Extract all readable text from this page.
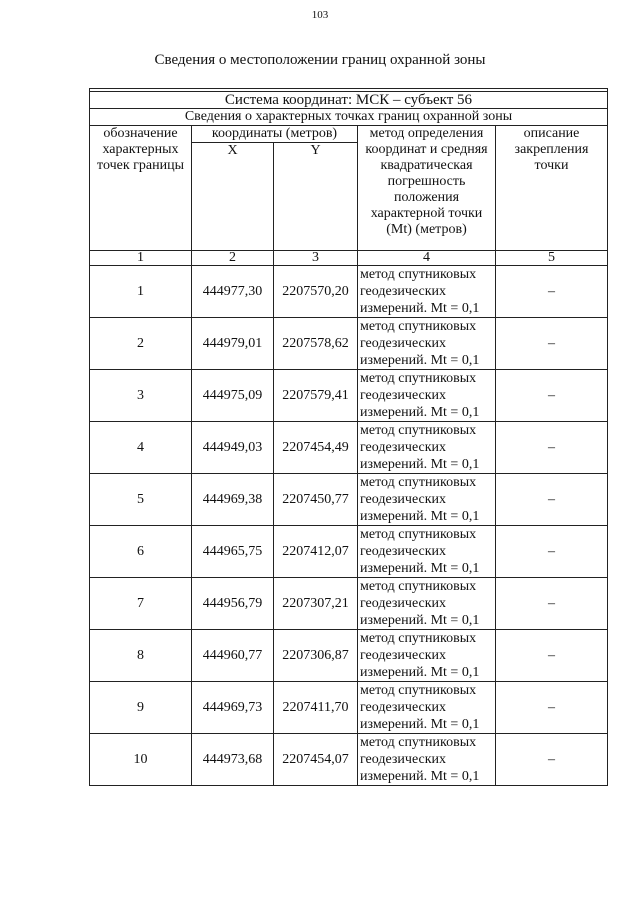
103
Сведения о местоположении границ охранной зоны

Система координат: МСК – субъект 56				
Сведения о характерных точках границ охранной зоны				
обозначение характерных точек границы	координаты (метров)		метод определения координат и средняя квадратическая погрешность положения характерной точки (Mt) (метров)	описание закрепления точки
	X	Y		
1	2	3	4	5
1	444977,30	2207570,20	метод спутниковых геодезических измерений. Mt = 0,1	–
2	444979,01	2207578,62	метод спутниковых геодезических измерений. Mt = 0,1	–
3	444975,09	2207579,41	метод спутниковых геодезических измерений. Mt = 0,1	–
4	444949,03	2207454,49	метод спутниковых геодезических измерений. Mt = 0,1	–
5	444969,38	2207450,77	метод спутниковых геодезических измерений. Mt = 0,1	–
6	444965,75	2207412,07	метод спутниковых геодезических измерений. Mt = 0,1	–
7	444956,79	2207307,21	метод спутниковых геодезических измерений. Mt = 0,1	–
8	444960,77	2207306,87	метод спутниковых геодезических измерений. Mt = 0,1	–
9	444969,73	2207411,70	метод спутниковых геодезических измерений. Mt = 0,1	–
10	444973,68	2207454,07	метод спутниковых геодезических измерений. Mt = 0,1	–
